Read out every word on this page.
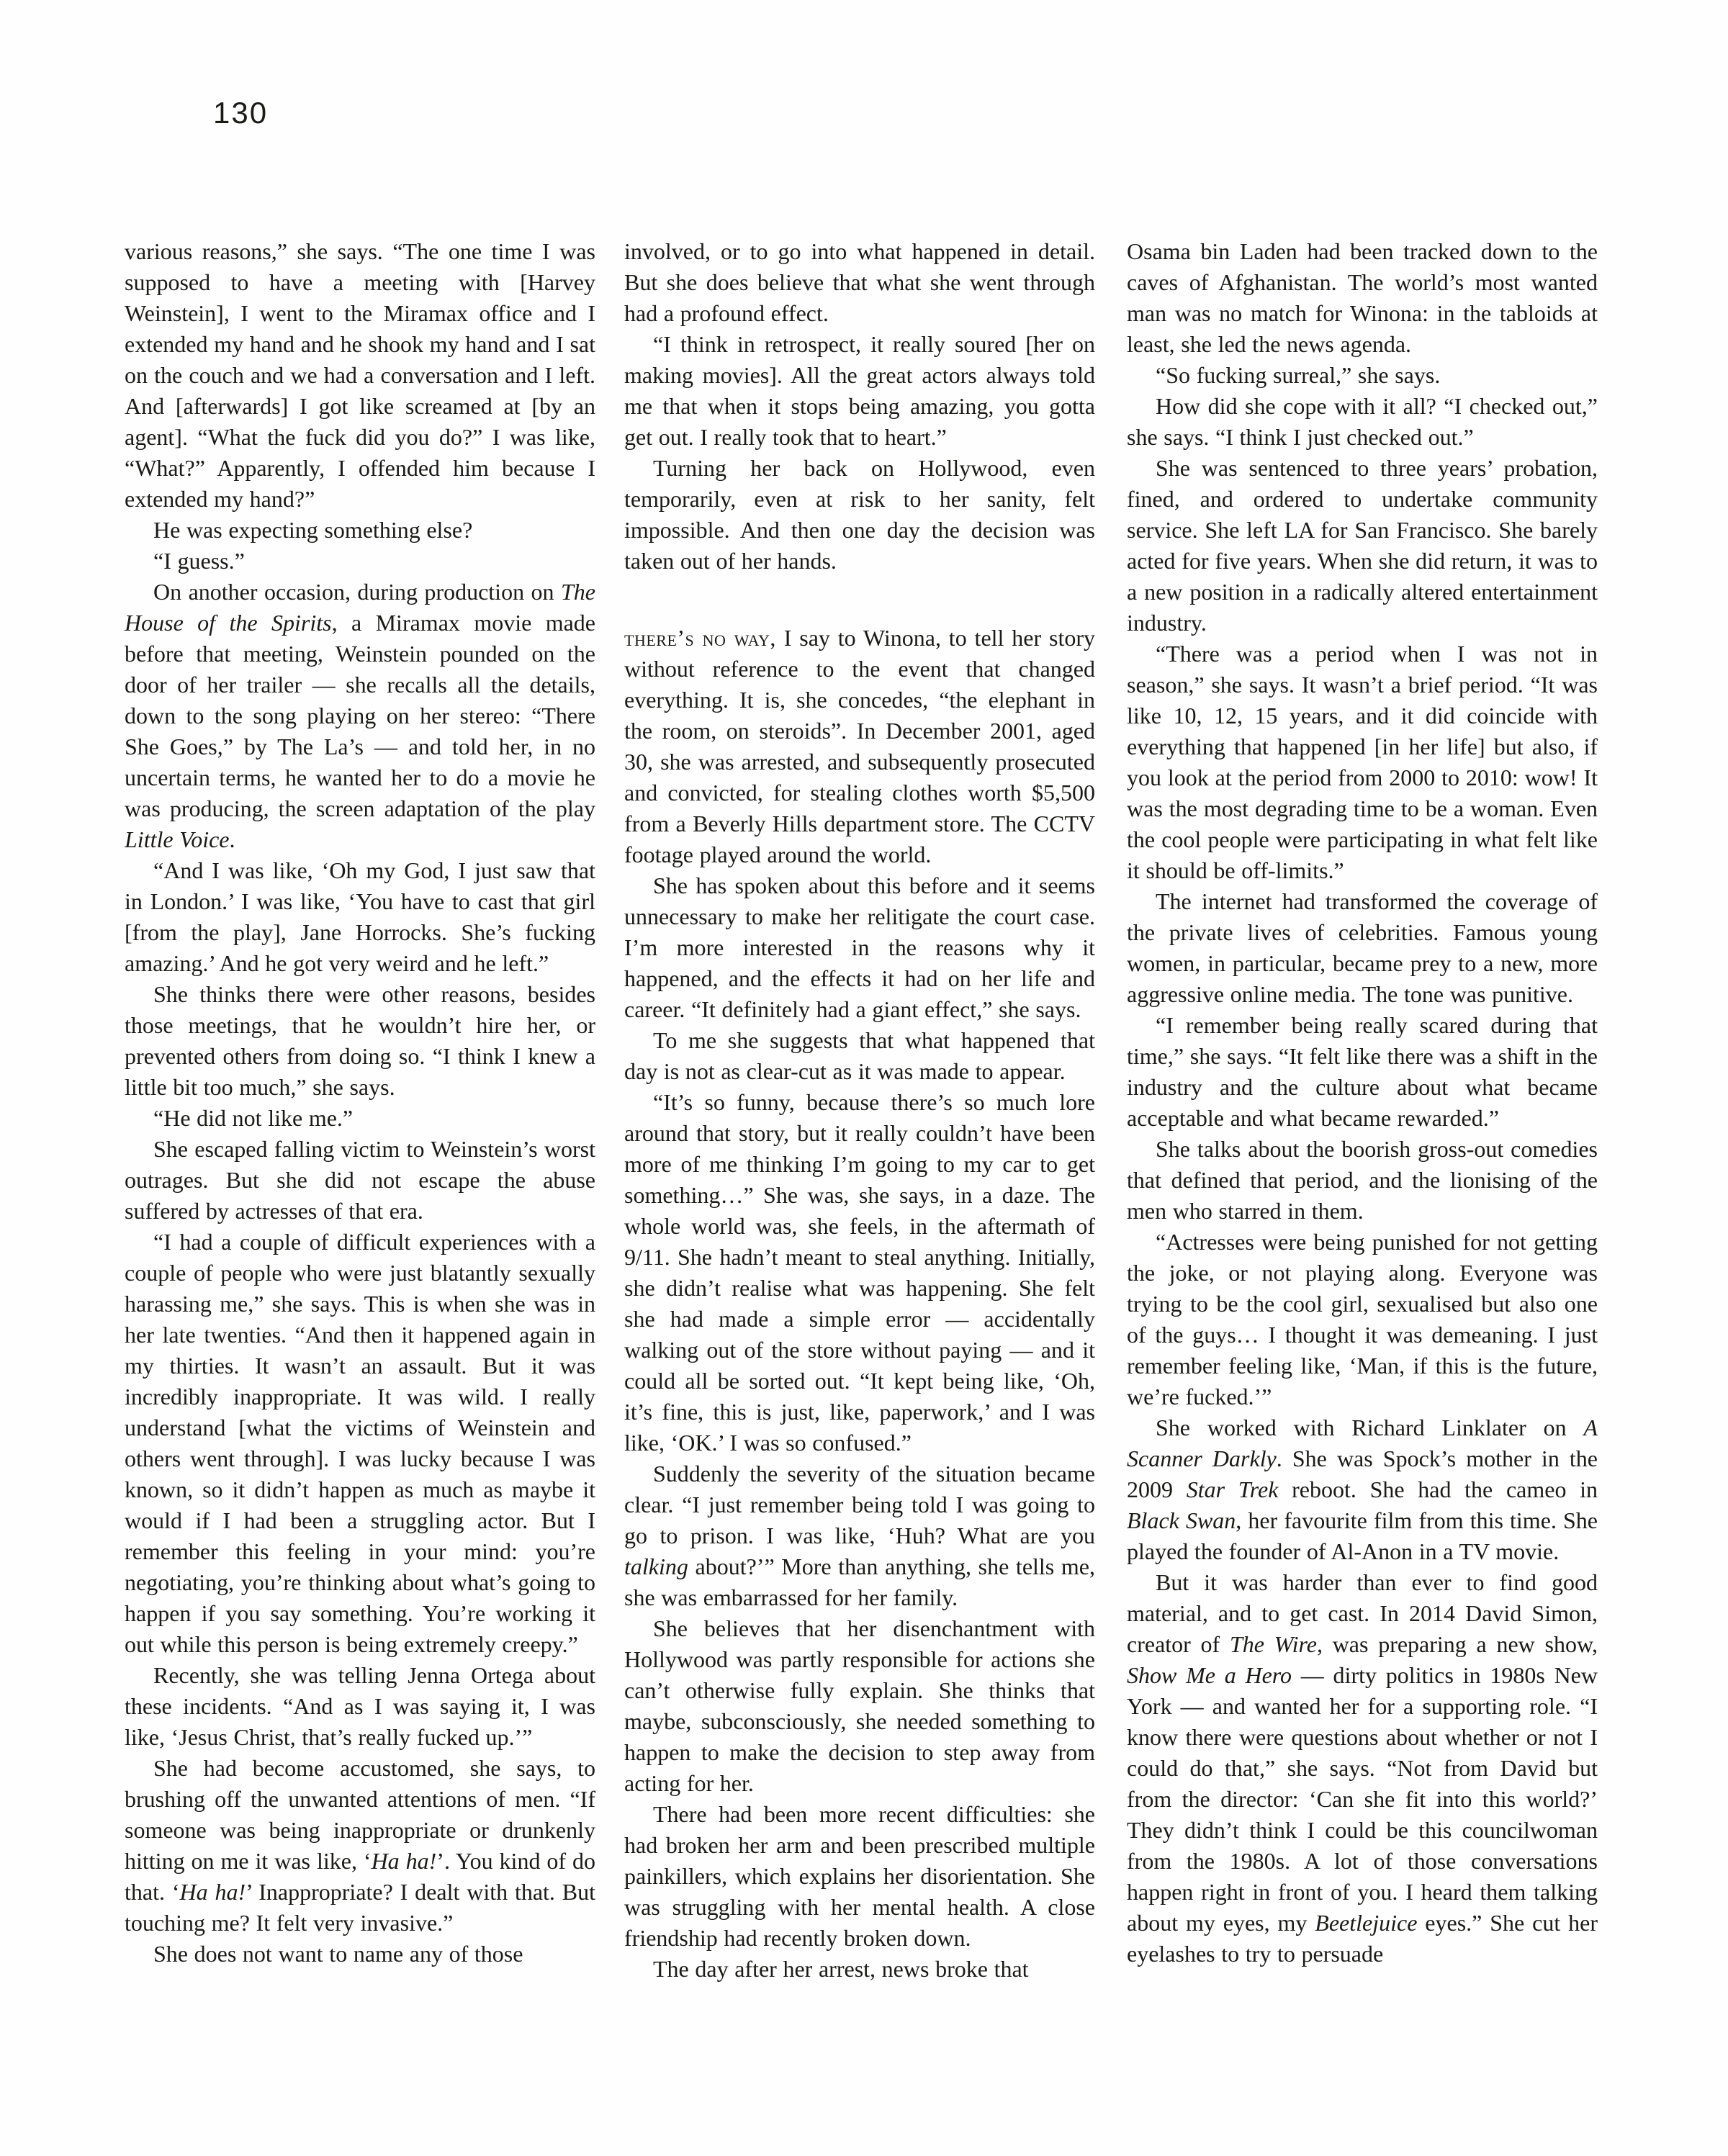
130

various reasons,” she says. “The one time I was supposed to have a meeting with [Harvey Weinstein], I went to the Miramax office and I extended my hand and he shook my hand and I sat on the couch and we had a conversation and I left. And [afterwards] I got like screamed at [by an agent]. “What the fuck did you do?” I was like, “What?” Apparently, I offended him because I extended my hand?”

He was expecting something else?

“I guess.”

On another occasion, during production on The House of the Spirits, a Miramax movie made before that meeting, Weinstein pounded on the door of her trailer — she recalls all the details, down to the song playing on her stereo: “There She Goes,” by The La’s — and told her, in no uncertain terms, he wanted her to do a movie he was producing, the screen adaptation of the play Little Voice.

“And I was like, ‘Oh my God, I just saw that in London.’ I was like, ‘You have to cast that girl [from the play], Jane Horrocks. She’s fucking amazing.’ And he got very weird and he left.”

She thinks there were other reasons, besides those meetings, that he wouldn’t hire her, or prevented others from doing so. “I think I knew a little bit too much,” she says.

“He did not like me.”

She escaped falling victim to Weinstein’s worst outrages. But she did not escape the abuse suffered by actresses of that era.

“I had a couple of difficult experiences with a couple of people who were just blatantly sexually harassing me,” she says. This is when she was in her late twenties. “And then it happened again in my thirties. It wasn’t an assault. But it was incredibly inappropriate. It was wild. I really understand [what the victims of Weinstein and others went through]. I was lucky because I was known, so it didn’t happen as much as maybe it would if I had been a struggling actor. But I remember this feeling in your mind: you’re negotiating, you’re thinking about what’s going to happen if you say something. You’re working it out while this person is being extremely creepy.”

Recently, she was telling Jenna Ortega about these incidents. “And as I was saying it, I was like, ‘Jesus Christ, that’s really fucked up.’”

She had become accustomed, she says, to brushing off the unwanted attentions of men. “If someone was being inappropriate or drunkenly hitting on me it was like, ‘Ha ha!’. You kind of do that. ‘Ha ha!’ Inappropriate? I dealt with that. But touching me? It felt very invasive.”

She does not want to name any of those

involved, or to go into what happened in detail. But she does believe that what she went through had a profound effect.

“I think in retrospect, it really soured [her on making movies]. All the great actors always told me that when it stops being amazing, you gotta get out. I really took that to heart.”

Turning her back on Hollywood, even temporarily, even at risk to her sanity, felt impossible. And then one day the decision was taken out of her hands.

there’s no way, I say to Winona, to tell her story without reference to the event that changed everything. It is, she concedes, “the elephant in the room, on steroids”. In December 2001, aged 30, she was arrested, and subsequently prosecuted and convicted, for stealing clothes worth $5,500 from a Beverly Hills department store. The CCTV footage played around the world.

She has spoken about this before and it seems unnecessary to make her relitigate the court case. I’m more interested in the reasons why it happened, and the effects it had on her life and career. “It definitely had a giant effect,” she says.

To me she suggests that what happened that day is not as clear-cut as it was made to appear.

“It’s so funny, because there’s so much lore around that story, but it really couldn’t have been more of me thinking I’m going to my car to get something…” She was, she says, in a daze. The whole world was, she feels, in the aftermath of 9/11. She hadn’t meant to steal anything. Initially, she didn’t realise what was happening. She felt she had made a simple error — accidentally walking out of the store without paying — and it could all be sorted out. “It kept being like, ‘Oh, it’s fine, this is just, like, paperwork,’ and I was like, ‘OK.’ I was so confused.”

Suddenly the severity of the situation became clear. “I just remember being told I was going to go to prison. I was like, ‘Huh? What are you talking about?’” More than anything, she tells me, she was embarrassed for her family.

She believes that her disenchantment with Hollywood was partly responsible for actions she can’t otherwise fully explain. She thinks that maybe, subconsciously, she needed something to happen to make the decision to step away from acting for her.

There had been more recent difficulties: she had broken her arm and been prescribed multiple painkillers, which explains her disorientation. She was struggling with her mental health. A close friendship had recently broken down.

The day after her arrest, news broke that

Osama bin Laden had been tracked down to the caves of Afghanistan. The world’s most wanted man was no match for Winona: in the tabloids at least, she led the news agenda.

“So fucking surreal,” she says.

How did she cope with it all? “I checked out,” she says. “I think I just checked out.”

She was sentenced to three years’ probation, fined, and ordered to undertake community service. She left LA for San Francisco. She barely acted for five years. When she did return, it was to a new position in a radically altered entertainment industry.

“There was a period when I was not in season,” she says. It wasn’t a brief period. “It was like 10, 12, 15 years, and it did coincide with everything that happened [in her life] but also, if you look at the period from 2000 to 2010: wow! It was the most degrading time to be a woman. Even the cool people were participating in what felt like it should be off-limits.”

The internet had transformed the coverage of the private lives of celebrities. Famous young women, in particular, became prey to a new, more aggressive online media. The tone was punitive.

“I remember being really scared during that time,” she says. “It felt like there was a shift in the industry and the culture about what became acceptable and what became rewarded.”

She talks about the boorish gross-out comedies that defined that period, and the lionising of the men who starred in them.

“Actresses were being punished for not getting the joke, or not playing along. Everyone was trying to be the cool girl, sexualised but also one of the guys… I thought it was demeaning. I just remember feeling like, ‘Man, if this is the future, we’re fucked.’”

She worked with Richard Linklater on A Scanner Darkly. She was Spock’s mother in the 2009 Star Trek reboot. She had the cameo in Black Swan, her favourite film from this time. She played the founder of Al-Anon in a TV movie.

But it was harder than ever to find good material, and to get cast. In 2014 David Simon, creator of The Wire, was preparing a new show, Show Me a Hero — dirty politics in 1980s New York — and wanted her for a supporting role. “I know there were questions about whether or not I could do that,” she says. “Not from David but from the director: ‘Can she fit into this world?’ They didn’t think I could be this councilwoman from the 1980s. A lot of those conversations happen right in front of you. I heard them talking about my eyes, my Beetlejuice eyes.” She cut her eyelashes to try to persuade
